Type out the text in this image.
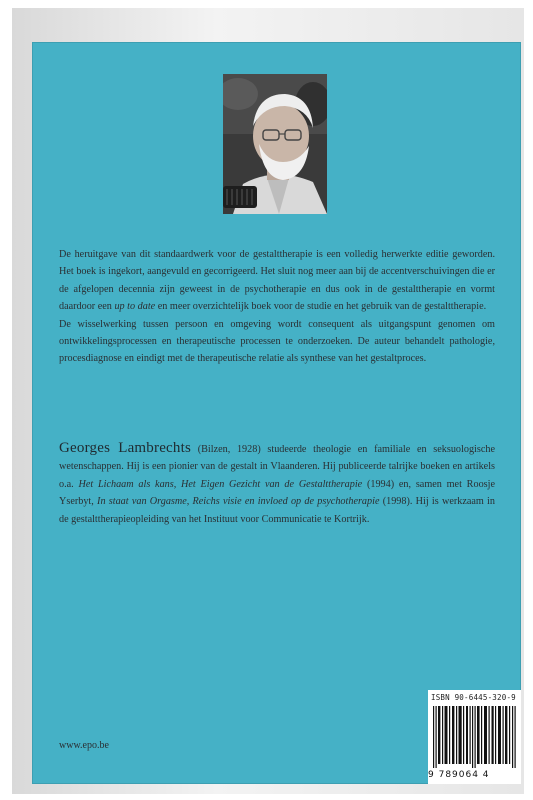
De heruitgave van dit standaardwerk voor de gestalttherapie is een volledig herwerkte editie geworden. Het boek is ingekort, aangevuld en gecorrigeerd. Het sluit nog meer aan bij de accentverschuivingen die er de afgelopen decennia zijn geweest in de psychotherapie en dus ook in de gestalttherapie en vormt daardoor een up to date en meer overzichtelijk boek voor de studie en het gebruik van de gestalttherapie.

De wisselwerking tussen persoon en omgeving wordt consequent als uitgangspunt genomen om ontwikkelingsprocessen en therapeutische processen te onderzoeken. De auteur behandelt pathologie, procesdiagnose en eindigt met de therapeutische relatie als synthese van het gestaltproces.

Georges Lambrechts (Bilzen, 1928) studeerde theologie en familiale en seksuologische wetenschappen. Hij is een pionier van de gestalt in Vlaanderen. Hij publiceerde talrijke boeken en artikels o.a. Het Lichaam als kans, Het Eigen Gezicht van de Gestalttherapie (1994) en, samen met Roosje Yserbyt, In staat van Orgasme, Reichs visie en invloed op de psychotherapie (1998). Hij is werkzaam in de gestalttherapieopleiding van het Instituut voor Communicatie te Kortrijk.

www.epo.be
ISBN 90-6445-320-9
9 789064 4
